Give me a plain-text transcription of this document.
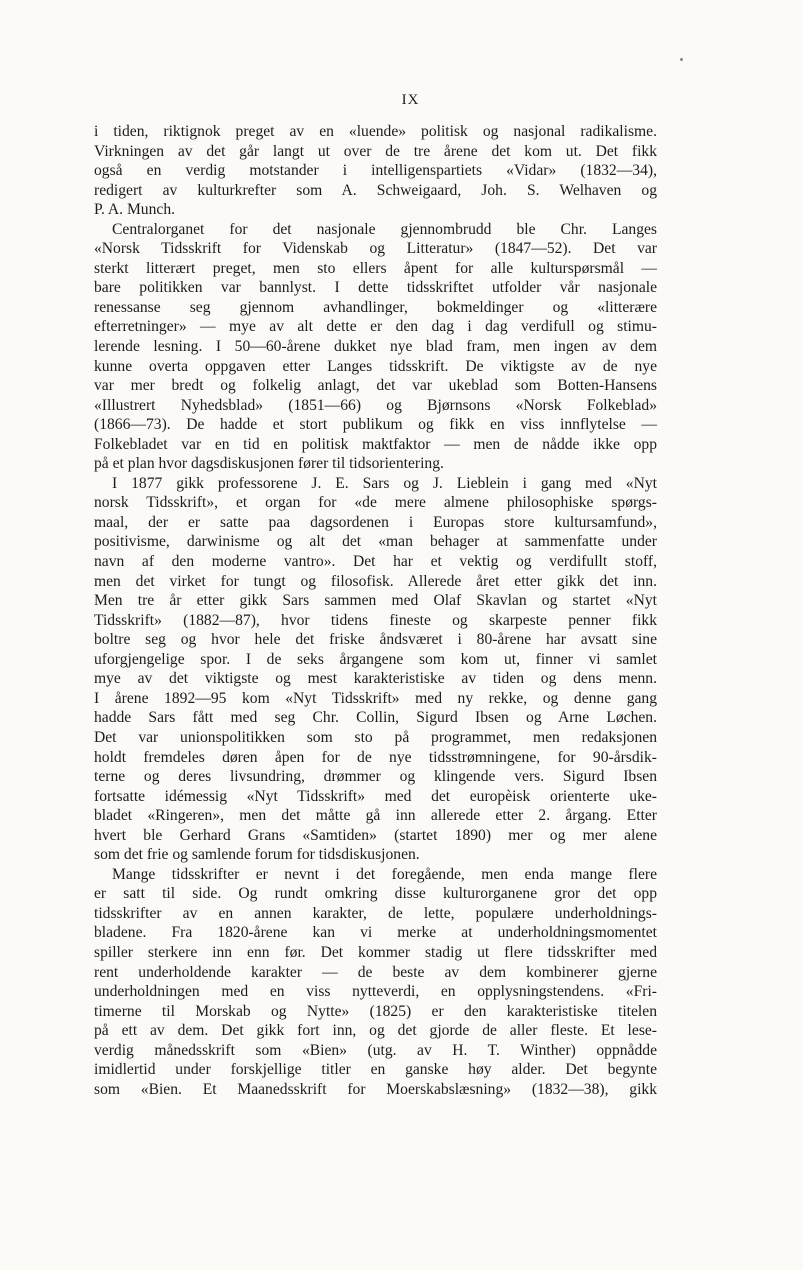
IX
i tiden, riktignok preget av en «luende» politisk og nasjonal radikalisme.
Virkningen av det går langt ut over de tre årene det kom ut. Det fikk
også en verdig motstander i intelligenspartiets «Vidar» (1832—34),
redigert av kulturkrefter som A. Schweigaard, Joh. S. Welhaven og
P. A. Munch.
Centralorganet for det nasjonale gjennombrudd ble Chr. Langes
«Norsk Tidsskrift for Videnskab og Litteratur» (1847—52). Det var
sterkt litterært preget, men sto ellers åpent for alle kulturspørsmål —
bare politikken var bannlyst. I dette tidsskriftet utfolder vår nasjonale
renessanse seg gjennom avhandlinger, bokmeldinger og «litterære
efterretninger» — mye av alt dette er den dag i dag verdifull og stimu-
lerende lesning. I 50—60-årene dukket nye blad fram, men ingen av dem
kunne overta oppgaven etter Langes tidsskrift. De viktigste av de nye
var mer bredt og folkelig anlagt, det var ukeblad som Botten-Hansens
«Illustrert Nyhedsblad» (1851—66) og Bjørnsons «Norsk Folkeblad»
(1866—73). De hadde et stort publikum og fikk en viss innflytelse —
Folkebladet var en tid en politisk maktfaktor — men de nådde ikke opp
på et plan hvor dagsdiskusjonen fører til tidsorientering.
I 1877 gikk professorene J. E. Sars og J. Lieblein i gang med «Nyt
norsk Tidsskrift», et organ for «de mere almene philosophiske spørgs-
maal, der er satte paa dagsordenen i Europas store kultursamfund»,
positivisme, darwinisme og alt det «man behager at sammenfatte under
navn af den moderne vantro». Det har et vektig og verdifullt stoff,
men det virket for tungt og filosofisk. Allerede året etter gikk det inn.
Men tre år etter gikk Sars sammen med Olaf Skavlan og startet «Nyt
Tidsskrift» (1882—87), hvor tidens fineste og skarpeste penner fikk
boltre seg og hvor hele det friske åndsværet i 80-årene har avsatt sine
uforgjengelige spor. I de seks årgangene som kom ut, finner vi samlet
mye av det viktigste og mest karakteristiske av tiden og dens menn.
I årene 1892—95 kom «Nyt Tidsskrift» med ny rekke, og denne gang
hadde Sars fått med seg Chr. Collin, Sigurd Ibsen og Arne Løchen.
Det var unionspolitikken som sto på programmet, men redaksjonen
holdt fremdeles døren åpen for de nye tidsstrømningene, for 90-årsdik-
terne og deres livsundring, drømmer og klingende vers. Sigurd Ibsen
fortsatte idémessig «Nyt Tidsskrift» med det europèisk orienterte uke-
bladet «Ringeren», men det måtte gå inn allerede etter 2. årgang. Etter
hvert ble Gerhard Grans «Samtiden» (startet 1890) mer og mer alene
som det frie og samlende forum for tidsdiskusjonen.
Mange tidsskrifter er nevnt i det foregående, men enda mange flere
er satt til side. Og rundt omkring disse kulturorganene gror det opp
tidsskrifter av en annen karakter, de lette, populære underholdnings-
bladene. Fra 1820-årene kan vi merke at underholdningsmomentet
spiller sterkere inn enn før. Det kommer stadig ut flere tidsskrifter med
rent underholdende karakter — de beste av dem kombinerer gjerne
underholdningen med en viss nytteverdi, en opplysningstendens. «Fri-
timerne til Morskab og Nytte» (1825) er den karakteristiske titelen
på ett av dem. Det gikk fort inn, og det gjorde de aller fleste. Et lese-
verdig månedsskrift som «Bien» (utg. av H. T. Winther) oppnådde
imidlertid under forskjellige titler en ganske høy alder. Det begynte
som «Bien. Et Maanedsskrift for Moerskabslæsning» (1832—38), gikk
